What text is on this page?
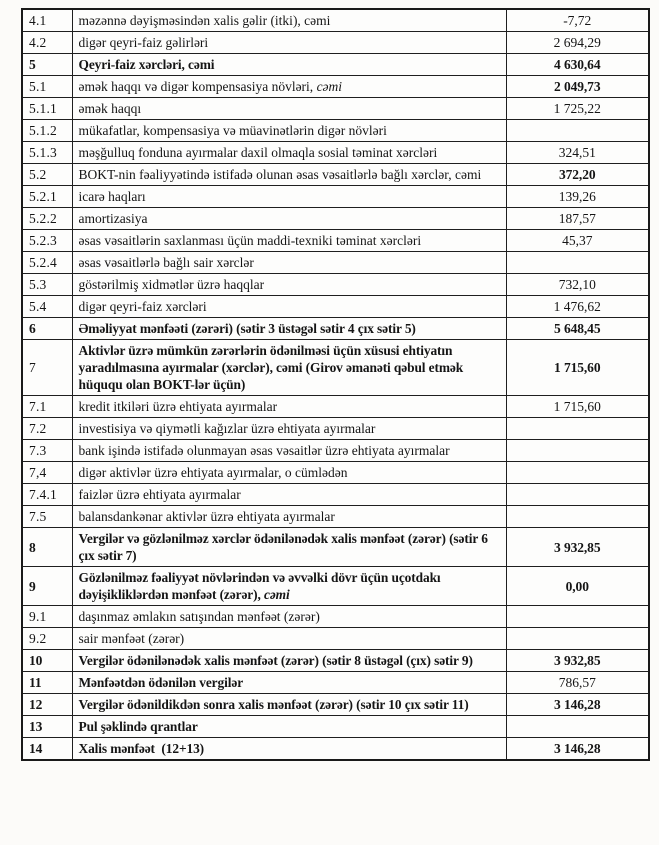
4.1	məzənnə dəyişməsindən xalis gəlir (itki), cəmi	-7,72
4.2	digər qeyri-faiz gəlirləri	2 694,29
5	Qeyri-faiz xərcləri, cəmi	4 630,64
5.1	əmək haqqı və digər kompensasiya növləri, cəmi	2 049,73
5.1.1	əmək haqqı	1 725,22
5.1.2	mükafatlar, kompensasiya və müavinətlərin digər növləri	
5.1.3	məşğulluq fonduna ayırmalar daxil olmaqla sosial təminat xərcləri	324,51
5.2	BOKT-nin fəaliyyətində istifadə olunan əsas vəsaitlərlə bağlı xərclər, cəmi	372,20
5.2.1	icarə haqları	139,26
5.2.2	amortizasiya	187,57
5.2.3	əsas vəsaitlərin saxlanması üçün maddi-texniki təminat xərcləri	45,37
5.2.4	əsas vəsaitlərlə bağlı sair xərclər	
5.3	göstərilmiş xidmətlər üzrə haqqlar	732,10
5.4	digər qeyri-faiz xərcləri	1 476,62
6	Əməliyyat mənfəəti (zərəri) (sətir 3 üstəgəl sətir 4 çıx sətir 5)	5 648,45
7	Aktivlər üzrə mümkün zərərlərin ödənilməsi üçün xüsusi ehtiyatın yaradılmasına ayırmalar (xərclər), cəmi (Girov əmanəti qəbul etmək hüququ olan BOKT-lər üçün)	1 715,60
7.1	kredit itkiləri üzrə ehtiyata ayırmalar	1 715,60
7.2	investisiya və qiymətli kağızlar üzrə ehtiyata ayırmalar	
7.3	bank işində istifadə olunmayan əsas vəsaitlər üzrə ehtiyata ayırmalar	
7,4	digər aktivlər üzrə ehtiyata ayırmalar, o cümlədən	
7.4.1	faizlər üzrə ehtiyata ayırmalar	
7.5	balansdankənar aktivlər üzrə ehtiyata ayırmalar	
8	Vergilər və gözlənilməz xərclər ödənilənədək xalis mənfəət (zərər) (sətir 6 çıx sətir 7)	3 932,85
9	Gözlənilməz fəaliyyət növlərindən və əvvəlki dövr üçün uçotdakı dəyişikliklərdən mənfəət (zərər), cəmi	0,00
9.1	daşınmaz əmlakın satışından mənfəət (zərər)	
9.2	sair mənfəət (zərər)	
10	Vergilər ödənilənədək xalis mənfəət (zərər) (sətir 8 üstəgəl (çıx) sətir 9)	3 932,85
11	Mənfəətdən ödənilən vergilər	786,57
12	Vergilər ödənildikdən sonra xalis mənfəət (zərər) (sətir 10 çıx sətir 11)	3 146,28
13	Pul şəklində qrantlar	
14	Xalis mənfəət  (12+13)	3 146,28
